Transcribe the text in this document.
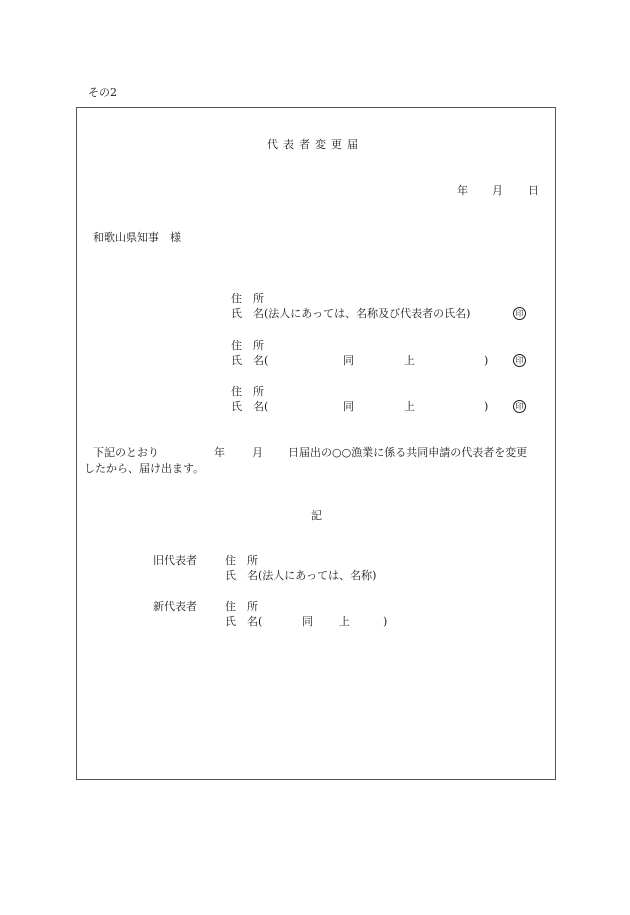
その2
代表者変更届
年 月 日
和歌山県知事　様
住　所
氏　名(法人にあっては、名称及び代表者の氏名)	印
住　所
氏　名(	同	上	)	印
住　所
氏　名(	同	上	)	印
下記のとおり	年 月 日届出の○○漁業に係る共同申請の代表者を変更
したから、届け出ます。
記
旧代表者	住　所
氏　名(法人にあっては、名称)
新代表者	住　所
氏　名(	同 上	)
